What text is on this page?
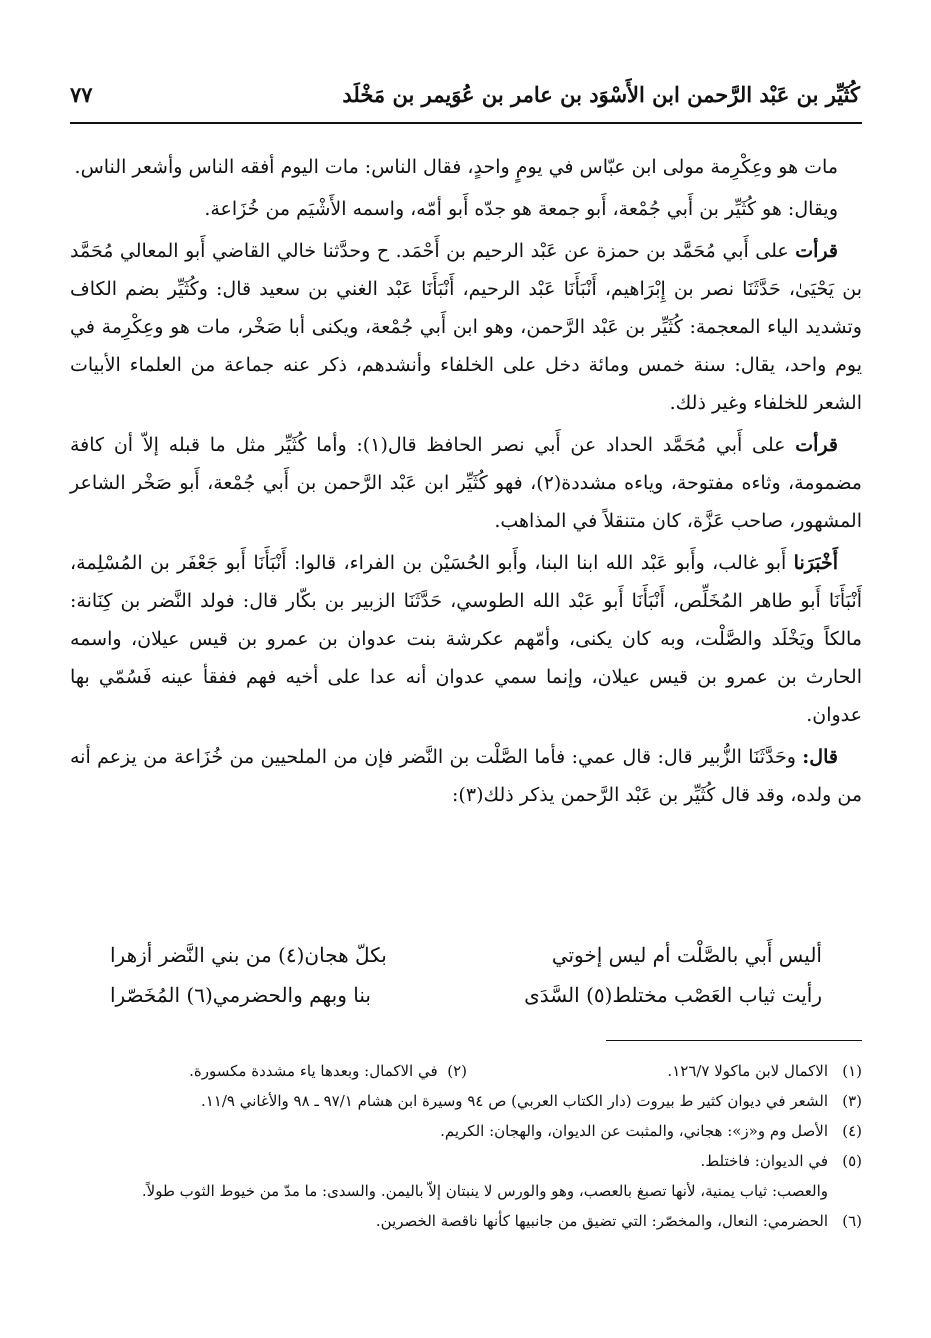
كُثَيِّر بن عَبْد الرَّحمن ابن الأَسْوَد بن عامر بن عُوَيمر بن مَخْلَد
٧٧

مات هو وعِكْرِمة مولى ابن عبّاس في يومٍ واحدٍ، فقال الناس: مات اليوم أفقه الناس وأشعر الناس.

ويقال: هو كُثَيِّر بن أَبي جُمْعة، أَبو جمعة هو جدّه أَبو أمّه، واسمه الأَشْيَم من خُزَاعة.

قرأت على أَبي مُحَمَّد بن حمزة عن عَبْد الرحيم بن أَحْمَد. ح وحدَّثنا خالي القاضي أَبو المعالي مُحَمَّد بن يَحْيَىٰ، حَدَّثَنَا نصر بن إِبْرَاهيم، أَنْبَأَنَا عَبْد الرحيم، أَنْبَأَنَا عَبْد الغني بن سعيد قال: وكُثَيِّر بضم الكاف وتشديد الياء المعجمة: كُثَيِّر بن عَبْد الرَّحمن، وهو ابن أَبي جُمْعة، ويكنى أبا صَخْر، مات هو وعِكْرِمة في يوم واحد، يقال: سنة خمس ومائة دخل على الخلفاء وأنشدهم، ذكر عنه جماعة من العلماء الأبيات الشعر للخلفاء وغير ذلك.

قرأت على أَبي مُحَمَّد الحداد عن أَبي نصر الحافظ قال(١): وأما كُثَيِّر مثل ما قبله إلاّ أن كافة مضمومة، وثاءه مفتوحة، وياءه مشددة(٢)، فهو كُثَيِّر ابن عَبْد الرَّحمن بن أَبي جُمْعة، أَبو صَخْر الشاعر المشهور، صاحب عَزَّة، كان متنقلاً في المذاهب.

أَخْبَرَنا أَبو غالب، وأَبو عَبْد الله ابنا البنا، وأَبو الحُسَيْن بن الفراء، قالوا: أَنْبَأَنَا أَبو جَعْفَر بن المُسْلِمة، أَنْبَأَنَا أَبو طاهر المُخَلِّص، أَنْبَأَنَا أَبو عَبْد الله الطوسي، حَدَّثَنَا الزبير بن بكّار قال: فولد النَّضر بن كِنَانة: مالكاً ويَخْلَد والصَّلْت، وبه كان يكنى، وأمّهم عكرشة بنت عدوان بن عمرو بن قيس عيلان، واسمه الحارث بن عمرو بن قيس عيلان، وإنما سمي عدوان أنه عدا على أخيه فهم ففقأ عينه فَسُمّي بها عدوان.

قال: وحَدَّثَنَا الزُّبير قال: قال عمي: فأما الصَّلْت بن النَّضر فإن من الملحيين من خُزَاعة من يزعم أنه من ولده، وقد قال كُثَيِّر بن عَبْد الرَّحمن يذكر ذلك(٣):

أليس أَبي بالصَّلْت أم ليس إخوتي
بكلّ هجان(٤) من بني النَّضر أزهرا
رأيت ثياب العَصْب مختلط(٥) السَّدَى
بنا وبهم والحضرمي(٦) المُخَصّرا
(١)
الاكمال لابن ماكولا ١٢٦/٧.
(٢)  في الاكمال: وبعدها ياء مشددة مكسورة.
(٣)
الشعر في ديوان كثير ط بيروت (دار الكتاب العربي) ص ٩٤ وسيرة ابن هشام ٩٧/١ ـ ٩٨ والأغاني ١١/٩.
(٤)
الأصل وم و«ز»: هجاني، والمثبت عن الديوان، والهجان: الكريم.
(٥)
في الديوان: فاختلط.
والعصب: ثياب يمنية، لأنها تصبغ بالعصب، وهو والورس لا ينبتان إلاّ باليمن. والسدى: ما مدّ من خيوط الثوب طولاً.
(٦)
الحضرمي: النعال، والمخصّر: التي تضيق من جانبيها كأنها ناقصة الخصرين.
